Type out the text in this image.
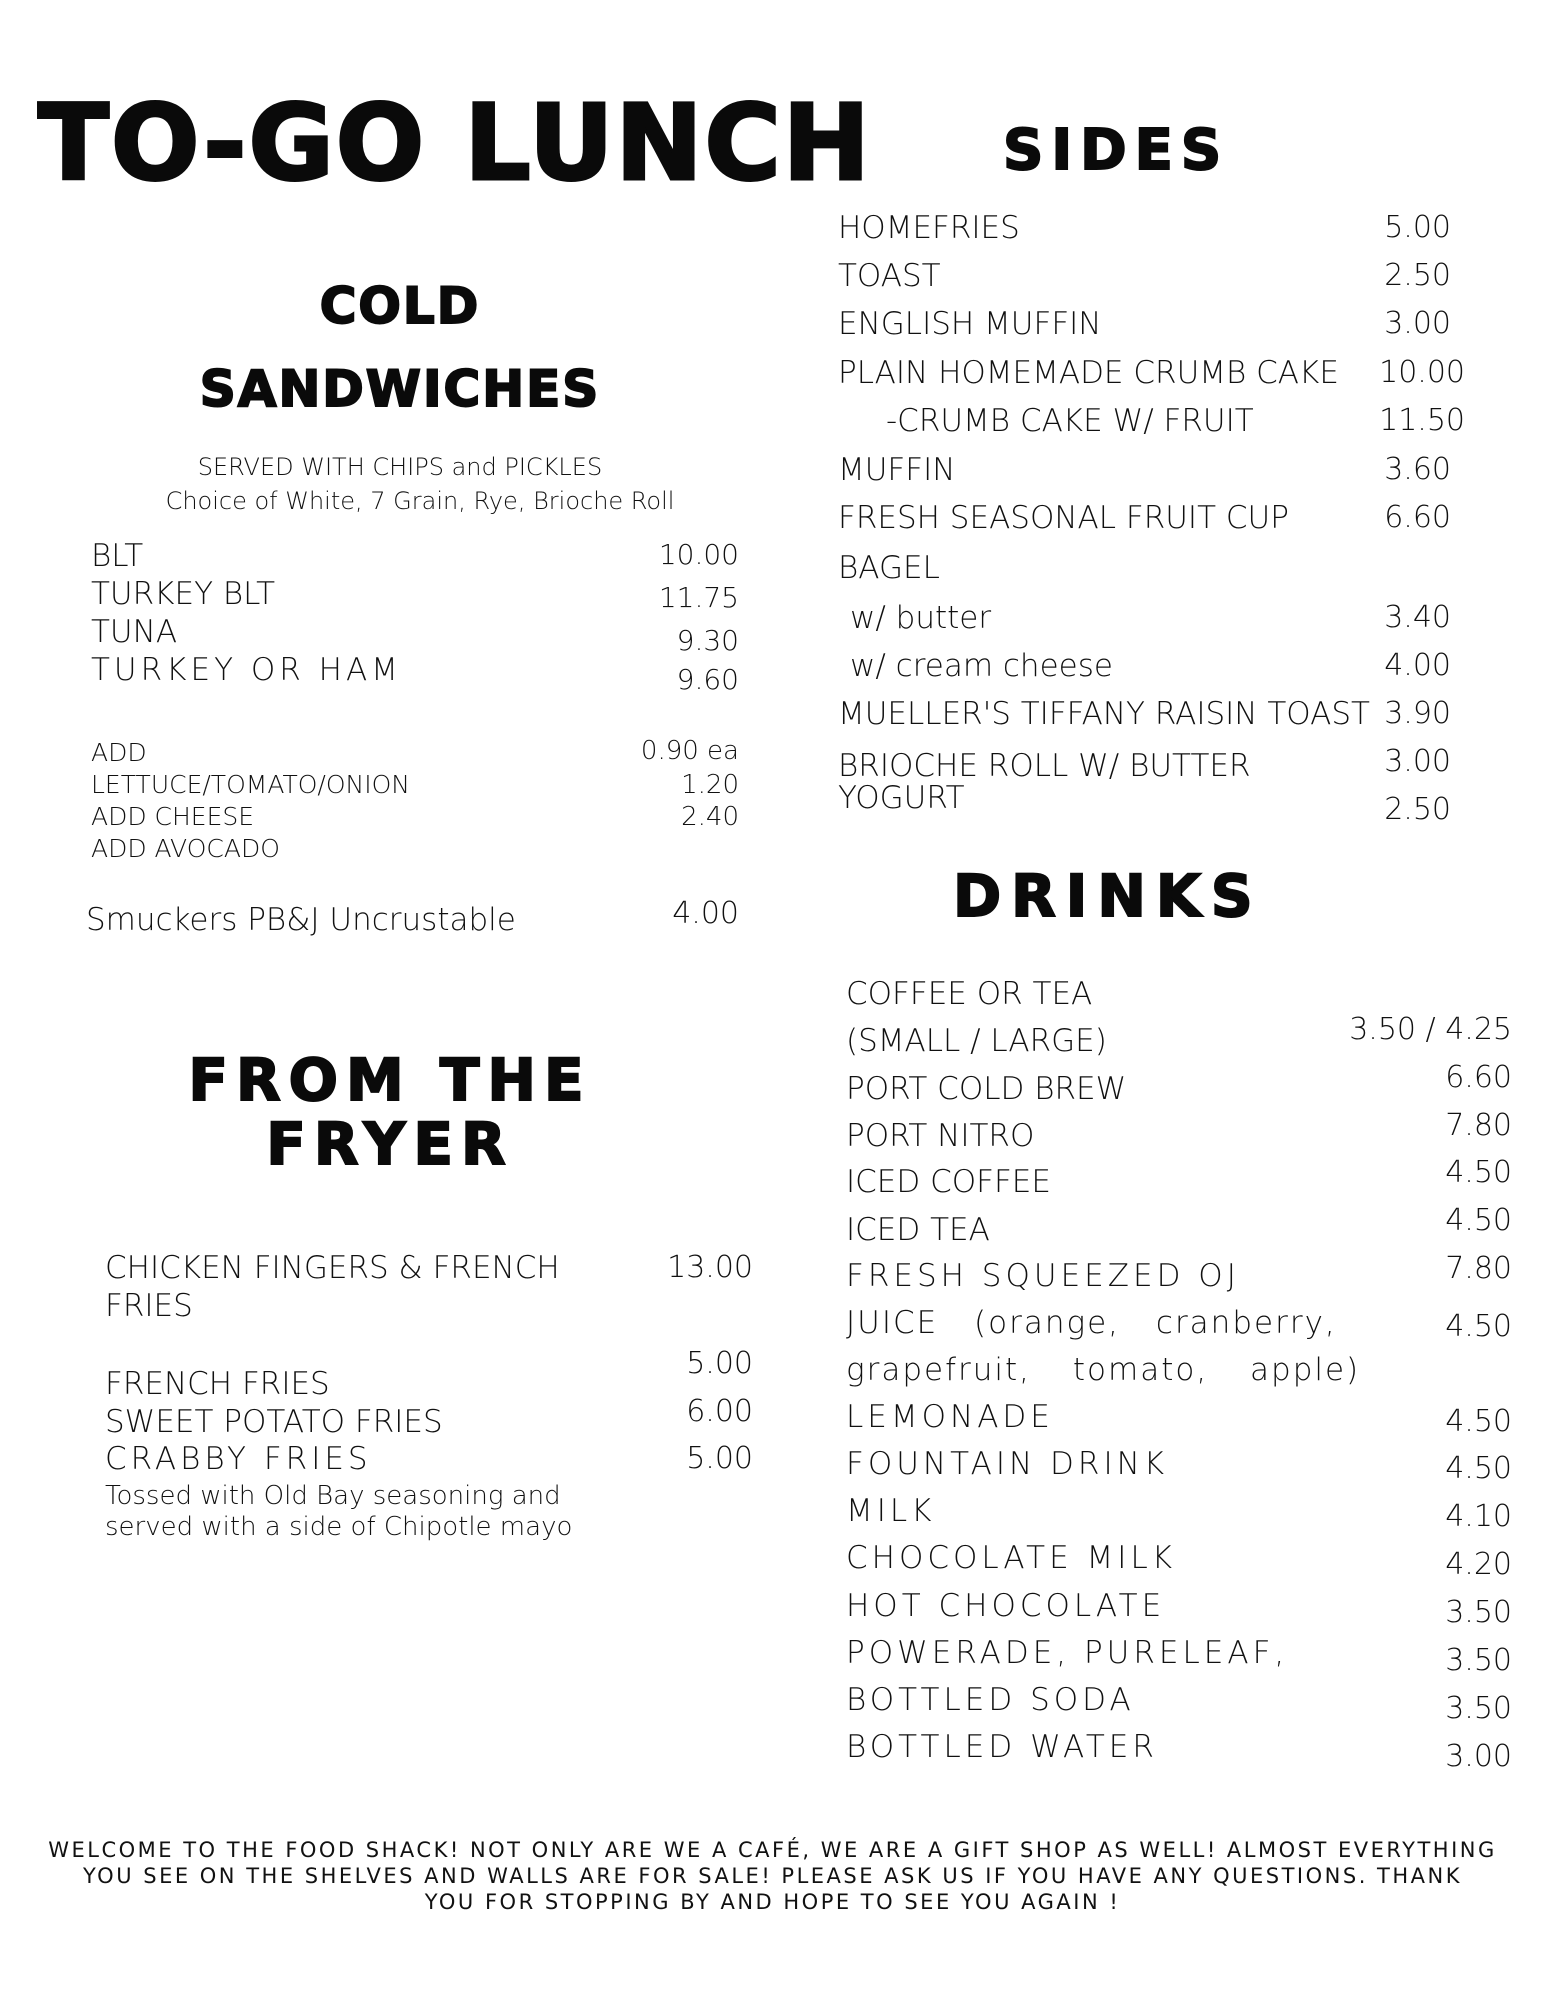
TO-GO LUNCH SIDES
HOMEFRIES	5.00
TOAST	2.50
ENGLISH MUFFIN	3.00
PLAIN HOMEMADE CRUMB CAKE 10.00
-CRUMB CAKE W/ FRUIT	11.50
MUFFIN	3.60
FRESH SEASONAL FRUIT CUP	6.60
BAGEL
w/ butter	3.40
w/ cream cheese	4.00
MUELLER'S TIFFANY RAISIN TOAST 3.90
BRIOCHE ROLL W/ BUTTER	3.00
YOGURT	2.50
COLD
SANDWICHES
SERVED WITH CHIPS and PICKLES
Choice of White, 7 Grain, Rye, Brioche Roll
BLT	10.00
TURKEY BLT	11.75
TUNA	9.30
TURKEY OR HAM	9.60
ADD	0.90 ea
LETTUCE/TOMATO/ONION	1.20
ADD CHEESE	2.40
ADD AVOCADO
Smuckers PB&J Uncrustable	4.00
FROM THE
FRYER
CHICKEN FINGERS & FRENCH
FRIES
13.00
FRENCH FRIES
5.00
SWEET POTATO FRIES	6.00
CRABBY FRIES	5.00
Tossed with Old Bay seasoning and
served with a side of Chipotle mayo
DRINKS
COFFEE OR TEA
(SMALL / LARGE)	3.50 / 4.25
PORT COLD BREW	6.60
PORT NITRO	7.80
ICED COFFEE	4.50
ICED TEA	4.50
FRESH SQUEEZED OJ	7.80
JUICE (orange, cranberry,	4.50
grapefruit, tomato, apple)
LEMONADE	4.50
FOUNTAIN DRINK	4.50
MILK	4.10
CHOCOLATE MILK	4.20
HOT CHOCOLATE	3.50
POWERADE, PURELEAF,	3.50
BOTTLED SODA	3.50
BOTTLED WATER	3.00
WELCOME TO THE FOOD SHACK! NOT ONLY ARE WE A CAFÉ, WE ARE A GIFT SHOP AS WELL! ALMOST EVERYTHING
YOU SEE ON THE SHELVES AND WALLS ARE FOR SALE! PLEASE ASK US IF YOU HAVE ANY QUESTIONS. THANK
YOU FOR STOPPING BY AND HOPE TO SEE YOU AGAIN !
